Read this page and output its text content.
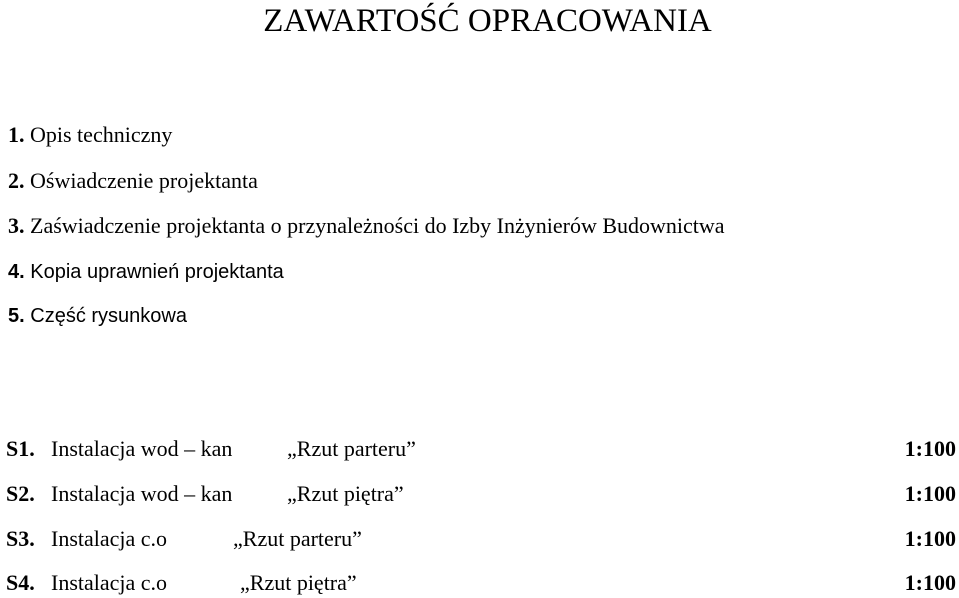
ZAWARTOŚĆ OPRACOWANIA
1. Opis techniczny
2. Oświadczenie projektanta
3. Zaświadczenie projektanta o przynależności do Izby Inżynierów Budownictwa
4. Kopia uprawnień projektanta
5. Część rysunkowa
S1. Instalacja wod – kan „Rzut parteru”	1:100
S2. Instalacja wod – kan „Rzut piętra”	1:100
S3. Instalacja c.o	„Rzut parteru”	1:100
S4. Instalacja c.o	„Rzut piętra”	1:100
